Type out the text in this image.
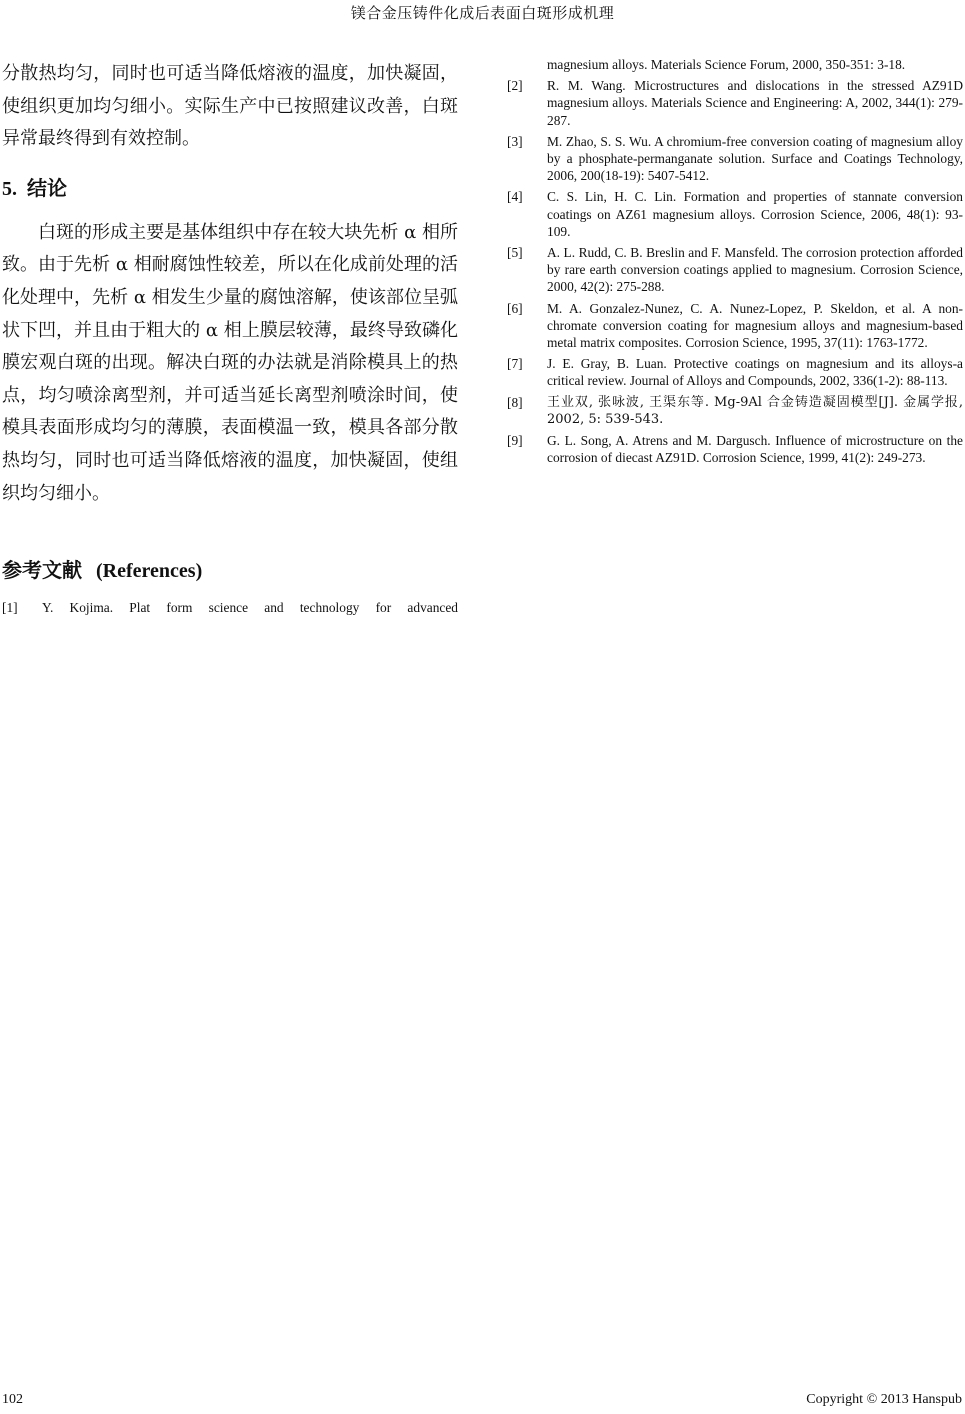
镁合金压铸件化成后表面白斑形成机理

分散热均匀，同时也可适当降低熔液的温度，加快凝固，使组织更加均匀细小。实际生产中已按照建议改善，白斑异常最终得到有效控制。

5. 结论

白斑的形成主要是基体组织中存在较大块先析 α 相所致。由于先析 α 相耐腐蚀性较差，所以在化成前处理的活化处理中，先析 α 相发生少量的腐蚀溶解，使该部位呈弧状下凹，并且由于粗大的 α 相上膜层较薄，最终导致磷化膜宏观白斑的出现。解决白斑的办法就是消除模具上的热点，均匀喷涂离型剂，并可适当延长离型剂喷涂时间，使模具表面形成均匀的薄膜，表面模温一致，模具各部分散热均匀，同时也可适当降低熔液的温度，加快凝固，使组织均匀细小。

参考文献 (References)
[1]	Y. Kojima. Plat form science and technology for advanced
magnesium alloys. Materials Science Forum, 2000, 350-351: 3-18.
[2]	R. M. Wang. Microstructures and dislocations in the stressed AZ91D magnesium alloys. Materials Science and Engineering: A, 2002, 344(1): 279-287.
[3]	M. Zhao, S. S. Wu. A chromium-free conversion coating of magnesium alloy by a phosphate-permanganate solution. Surface and Coatings Technology, 2006, 200(18-19): 5407-5412.
[4]	C. S. Lin, H. C. Lin. Formation and properties of stannate conversion coatings on AZ61 magnesium alloys. Corrosion Science, 2006, 48(1): 93-109.
[5]	A. L. Rudd, C. B. Breslin and F. Mansfeld. The corrosion protection afforded by rare earth conversion coatings applied to magnesium. Corrosion Science, 2000, 42(2): 275-288.
[6]	M. A. Gonzalez-Nunez, C. A. Nunez-Lopez, P. Skeldon, et al. A non-chromate conversion coating for magnesium alloys and magnesium-based metal matrix composites. Corrosion Science, 1995, 37(11): 1763-1772.
[7]	J. E. Gray, B. Luan. Protective coatings on magnesium and its alloys-a critical review. Journal of Alloys and Compounds, 2002, 336(1-2): 88-113.
[8]	王业双, 张咏波, 王渠东等. Mg-9Al 合金铸造凝固模型[J]. 金属学报, 2002, 5: 539-543.
[9]	G. L. Song, A. Atrens and M. Dargusch. Influence of microstructure on the corrosion of diecast AZ91D. Corrosion Science, 1999, 41(2): 249-273.
102	Copyright © 2013 Hanspub
